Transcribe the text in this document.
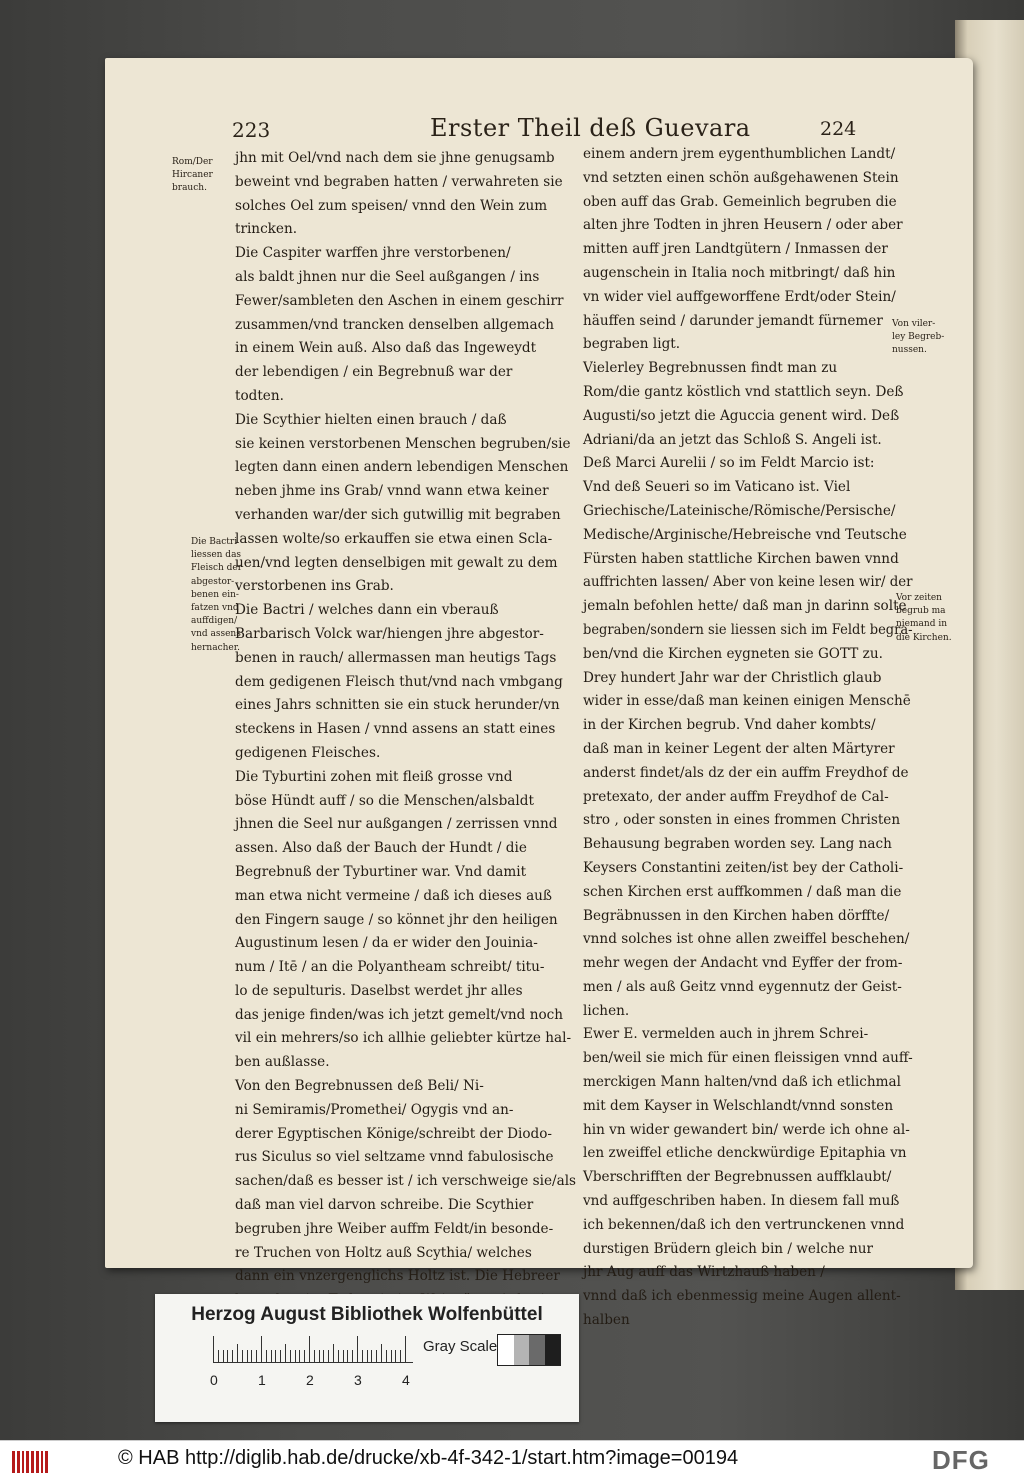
223	Erster Theil deß Guevara	224
Rom/Der
Hircaner
brauch.
Die Bactri
liessen das
Fleisch der
abgestor-
benen ein-
fatzen vnd
auffdigen/
vnd assens
hernacher.
Von viler-
ley Begreb-
nussen.
Vor zeiten
begrub ma
niemand in
die Kirchen.
jhn mit Oel/vnd nach dem sie jhne genugsamb
beweint vnd begraben hatten / verwahreten sie
solches Oel zum speisen/ vnnd den Wein zum
trincken.
Die Caspiter warffen jhre verstorbenen/
als baldt jhnen nur die Seel außgangen / ins
Fewer/sambleten den Aschen in einem geschirr
zusammen/vnd trancken denselben allgemach
in einem Wein auß. Also daß das Ingeweydt
der lebendigen / ein Begrebnuß war der
todten.
Die Scythier hielten einen brauch / daß
sie keinen verstorbenen Menschen begruben/sie
legten dann einen andern lebendigen Menschen
neben jhme ins Grab/ vnnd wann etwa keiner
verhanden war/der sich gutwillig mit begraben
lassen wolte/so erkauffen sie etwa einen Scla-
uen/vnd legten denselbigen mit gewalt zu dem
verstorbenen ins Grab.
Die Bactri / welches dann ein vberauß
Barbarisch Volck war/hiengen jhre abgestor-
benen in rauch/ allermassen man heutigs Tags
dem gedigenen Fleisch thut/vnd nach vmbgang
eines Jahrs schnitten sie ein stuck herunder/vn
steckens in Hasen / vnnd assens an statt eines
gedigenen Fleisches.
Die Tyburtini zohen mit fleiß grosse vnd
böse Hündt auff / so die Menschen/alsbaldt
jhnen die Seel nur außgangen / zerrissen vnnd
assen. Also daß der Bauch der Hundt / die
Begrebnuß der Tyburtiner war. Vnd damit
man etwa nicht vermeine / daß ich dieses auß
den Fingern sauge / so könnet jhr den heiligen
Augustinum lesen / da er wider den Jouinia-
num / Itē / an die Polyantheam schreibt/ titu-
lo de sepulturis. Daselbst werdet jhr alles
das jenige finden/was ich jetzt gemelt/vnd noch
vil ein mehrers/so ich allhie geliebter kürtze hal-
ben außlasse.
Von den Begrebnussen deß Beli/ Ni-
ni Semiramis/Promethei/ Ogygis vnd an-
derer Egyptischen Könige/schreibt der Diodo-
rus Siculus so viel seltzame vnnd fabulosische
sachen/daß es besser ist / ich verschweige sie/als
daß man viel darvon schreibe. Die Scythier
begruben jhre Weiber auffm Feldt/in besonde-
re Truchen von Holtz auß Scythia/ welches
dann ein vnzergenglichs Holtz ist. Die Hebreer
einem andern jrem eygenthumblichen Landt/
vnd setzten einen schön außgehawenen Stein
oben auff das Grab. Gemeinlich begruben die
alten jhre Todten in jhren Heusern / oder aber
mitten auff jren Landtgütern / Inmassen der
augenschein in Italia noch mitbringt/ daß hin
vn wider viel auffgeworffene Erdt/oder Stein/
häuffen seind / darunder jemandt fürnemer
begraben ligt.
Vielerley Begrebnussen findt man zu
Rom/die gantz köstlich vnd stattlich seyn. Deß
Augusti/so jetzt die Aguccia genent wird. Deß
Adriani/da an jetzt das Schloß S. Angeli ist.
Deß Marci Aurelii / so im Feldt Marcio ist:
Vnd deß Seueri so im Vaticano ist. Viel
Griechische/Lateinische/Römische/Persische/
Medische/Arginische/Hebreische vnd Teutsche
Fürsten haben stattliche Kirchen bawen vnnd
auffrichten lassen/ Aber von keine lesen wir/ der
jemaln befohlen hette/ daß man jn darinn solte
begraben/sondern sie liessen sich im Feldt begra-
ben/vnd die Kirchen eygneten sie GOTT zu.
Drey hundert Jahr war der Christlich glaub
wider in esse/daß man keinen einigen Menschē
in der Kirchen begrub. Vnd daher kombts/
daß man in keiner Legent der alten Märtyrer
anderst findet/als dz der ein auffm Freydhof de
pretexato, der ander auffm Freydhof de Cal-
stro , oder sonsten in eines frommen Christen
Behausung begraben worden sey. Lang nach
Keysers Constantini zeiten/ist bey der Catholi-
schen Kirchen erst auffkommen / daß man die
Begräbnussen in den Kirchen haben dörffte/
vnnd solches ist ohne allen zweiffel beschehen/
mehr wegen der Andacht vnd Eyffer der from-
men / als auß Geitz vnnd eygennutz der Geist-
lichen.
Ewer E. vermelden auch in jhrem Schrei-
ben/weil sie mich für einen fleissigen vnnd auff-
merckigen Mann halten/vnd daß ich etlichmal
mit dem Kayser in Welschlandt/vnnd sonsten
hin vn wider gewandert bin/ werde ich ohne al-
len zweiffel etliche denckwürdige Epitaphia vn
Vberschrifften der Begrebnussen auffklaubt/
vnd auffgeschriben haben. In diesem fall muß
ich bekennen/daß ich den vertrunckenen vnnd
durstigen Brüdern gleich bin / welche nur
jhr Aug auff das Wirtzhauß haben /
vnnd daß ich ebenmessig meine Augen allent-
halben
Herzog August Bibliothek Wolfenbüttel
0	1	2	3	4
Gray Scale
© HAB http://diglib.hab.de/drucke/xb-4f-342-1/start.htm?image=00194	DFG
